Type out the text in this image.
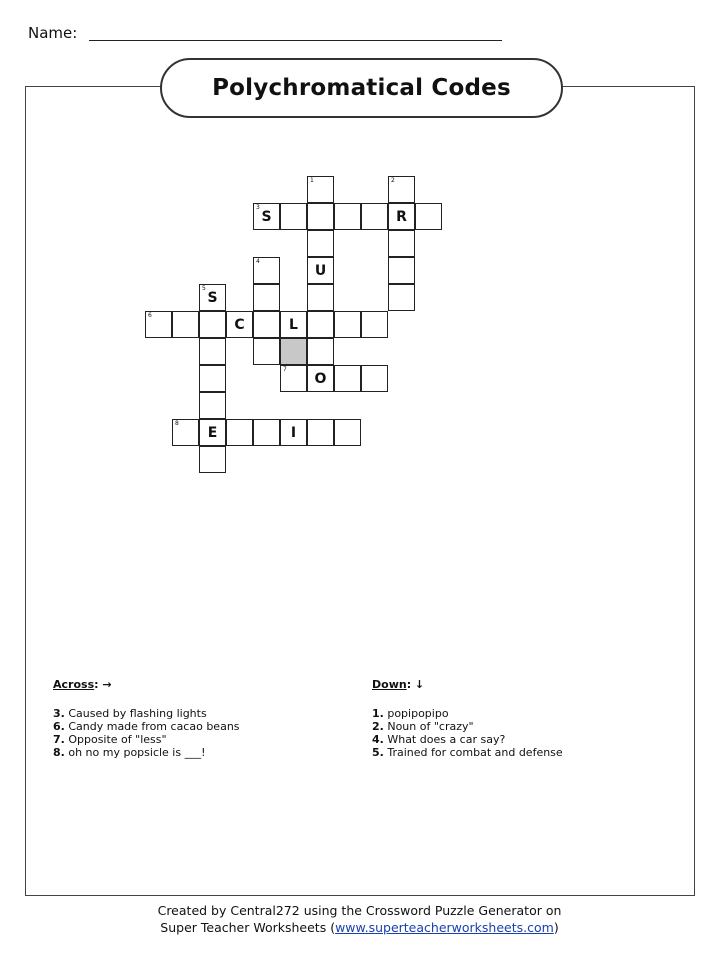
Name:
Polychromatical Codes
1	2
3
S	R
4
U
5
S
6
C	L
7
O
8
E	I
Across: →
3. Caused by flashing lights
6. Candy made from cacao beans
7. Opposite of "less"
8. oh no my popsicle is ___!
Down: ↓
1. popipopipo
2. Noun of "crazy"
4. What does a car say?
5. Trained for combat and defense
Created by Central272 using the Crossword Puzzle Generator on
Super Teacher Worksheets (www.superteacherworksheets.com)
